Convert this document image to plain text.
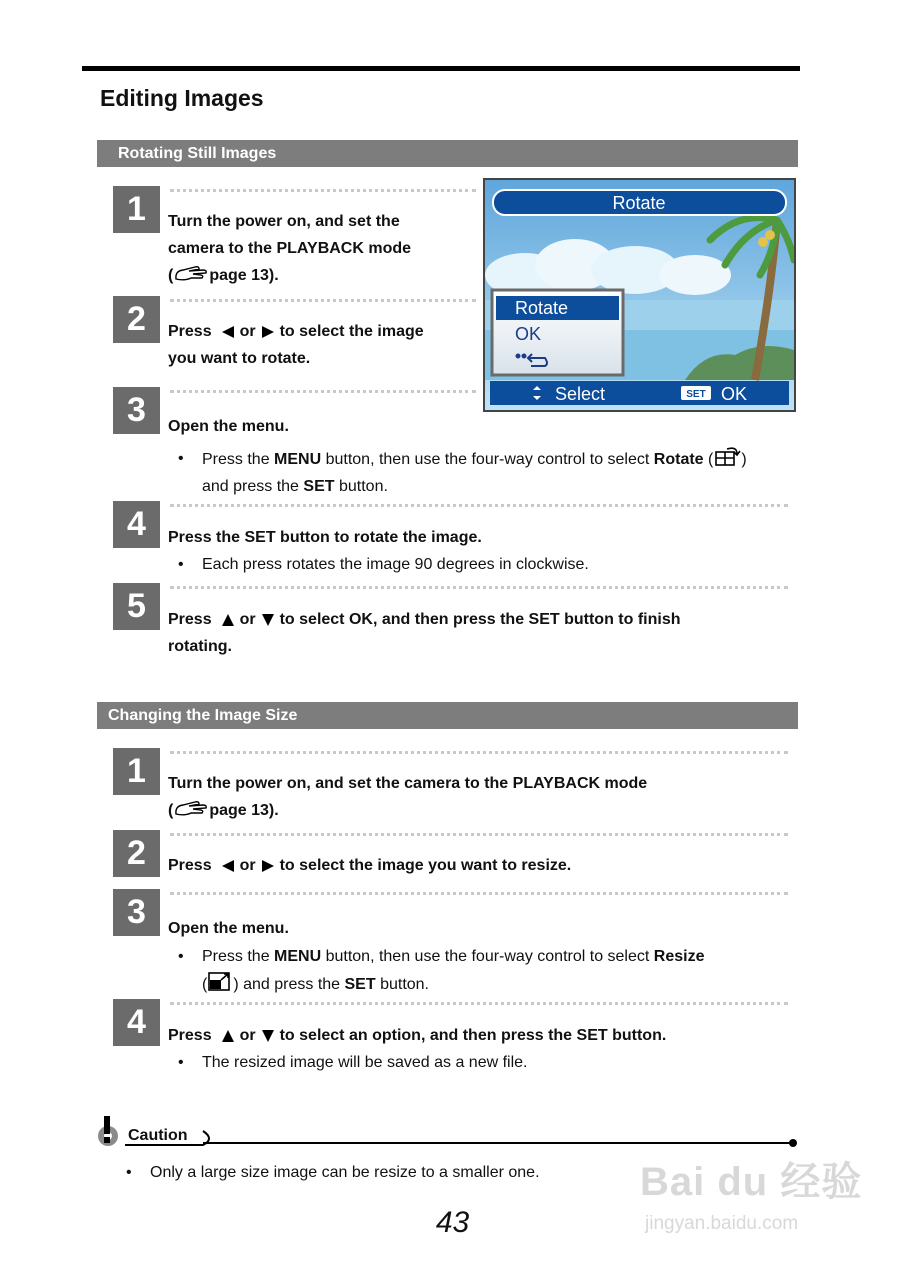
Editing Images
Rotating Still Images
1	Turn the power on, and set the
camera to the PLAYBACK mode
( page 13).
2	Press or to select the image
you want to rotate.
Rotate
Rotate
OK
Select	SET OK
3	Open the menu.
• Press the MENU button, then use the four-way control to select Rotate ( )
and press the SET button.
4	Press the SET button to rotate the image.
• Each press rotates the image 90 degrees in clockwise.
5	Press or to select OK, and then press the SET button to finish
rotating.
Changing the Image Size
1	Turn the power on, and set the camera to the PLAYBACK mode
( page 13).
2	Press or to select the image you want to resize.
3	Open the menu.
• Press the MENU button, then use the four-way control to select Resize
( ) and press the SET button.
4	Press or to select an option, and then press the SET button.
• The resized image will be saved as a new file.
Caution
• Only a large size image can be resize to a smaller one.
43
Bai du 经验
jingyan.baidu.com
